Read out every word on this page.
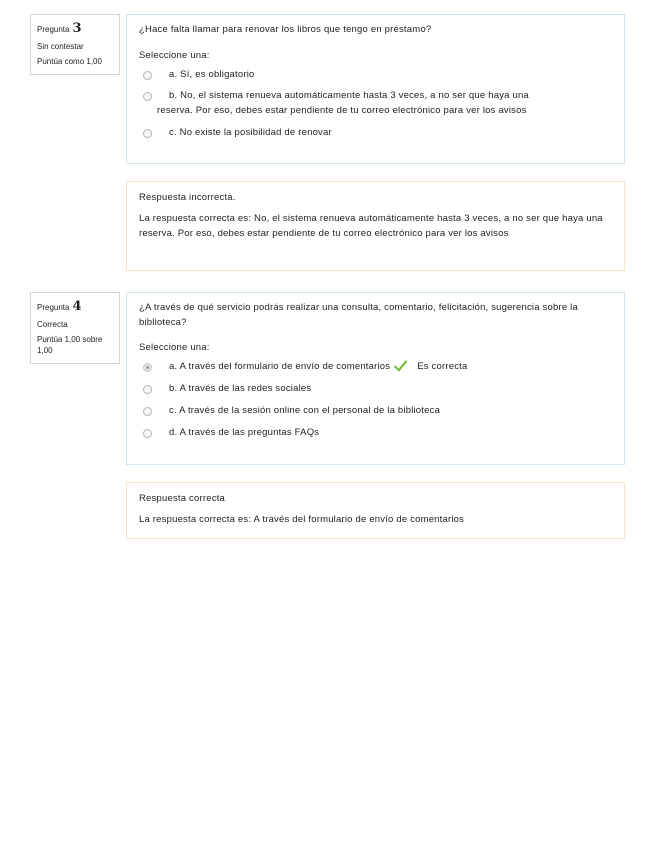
Pregunta 3
Sin contestar
Puntúa como 1,00
¿Hace falta llamar para renovar los libros que tengo en préstamo?
Seleccione una:
a. Sí, es obligatorio
b. No, el sistema renueva automáticamente hasta 3 veces, a no ser que haya una
reserva. Por eso, debes estar pendiente de tu correo electrónico para ver los avisos
c. No existe la posibilidad de renovar
Respuesta incorrecta.
La respuesta correcta es: No, el sistema renueva automáticamente hasta 3 veces, a no ser que haya una reserva. Por eso, debes estar pendiente de tu correo electrónico para ver los avisos
Pregunta 4
Correcta
Puntúa 1,00 sobre 1,00
¿A través de qué servicio podrás realizar una consulta, comentario, felicitación, sugerencia sobre la biblioteca?
Seleccione una:
a. A través del formulario de envío de comentarios	Es correcta
b. A través de las redes sociales
c. A través de la sesión online con el personal de la biblioteca
d. A través de las preguntas FAQs
Respuesta correcta
La respuesta correcta es: A través del formulario de envío de comentarios
